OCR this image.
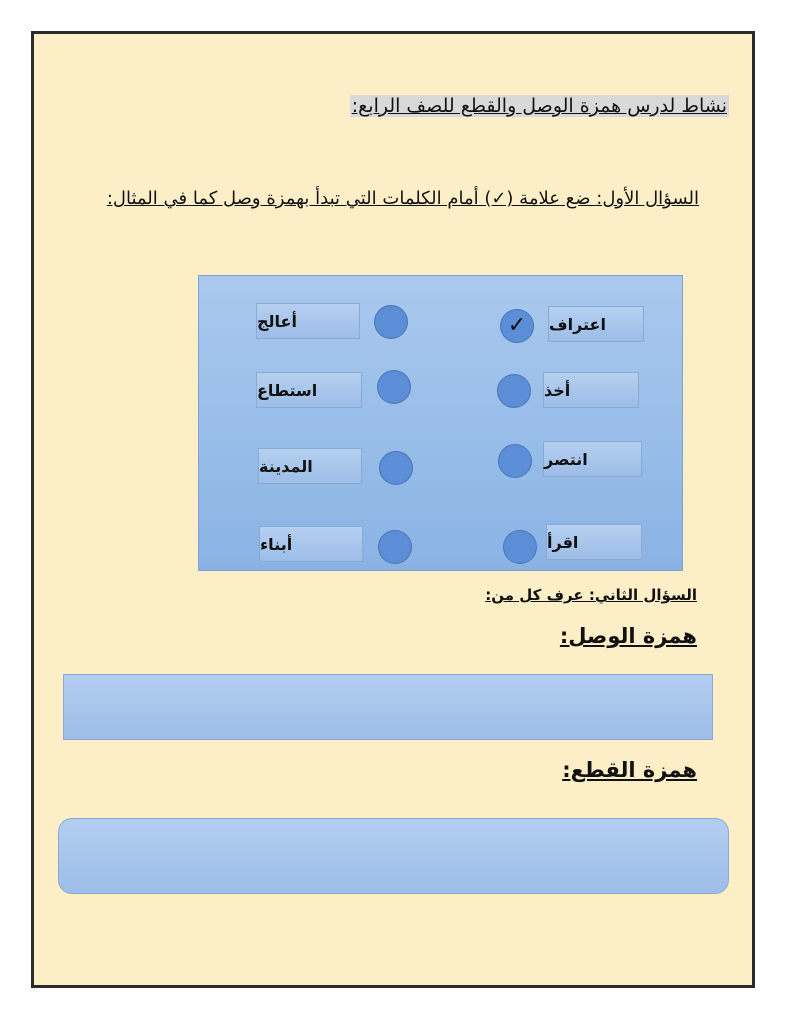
نشاط لدرس همزة الوصل والقطع للصف الرابع:
السؤال الأول: ضع علامة (✓) أمام الكلمات التي تبدأ بهمزة وصل كما في المثال:
اعتراف
✓
أخذ
انتصر
اقرأ
أعالج
استطاع
المدينة
أبناء
السؤال الثاني: عرف كل من:
همزة الوصل:
همزة القطع:
